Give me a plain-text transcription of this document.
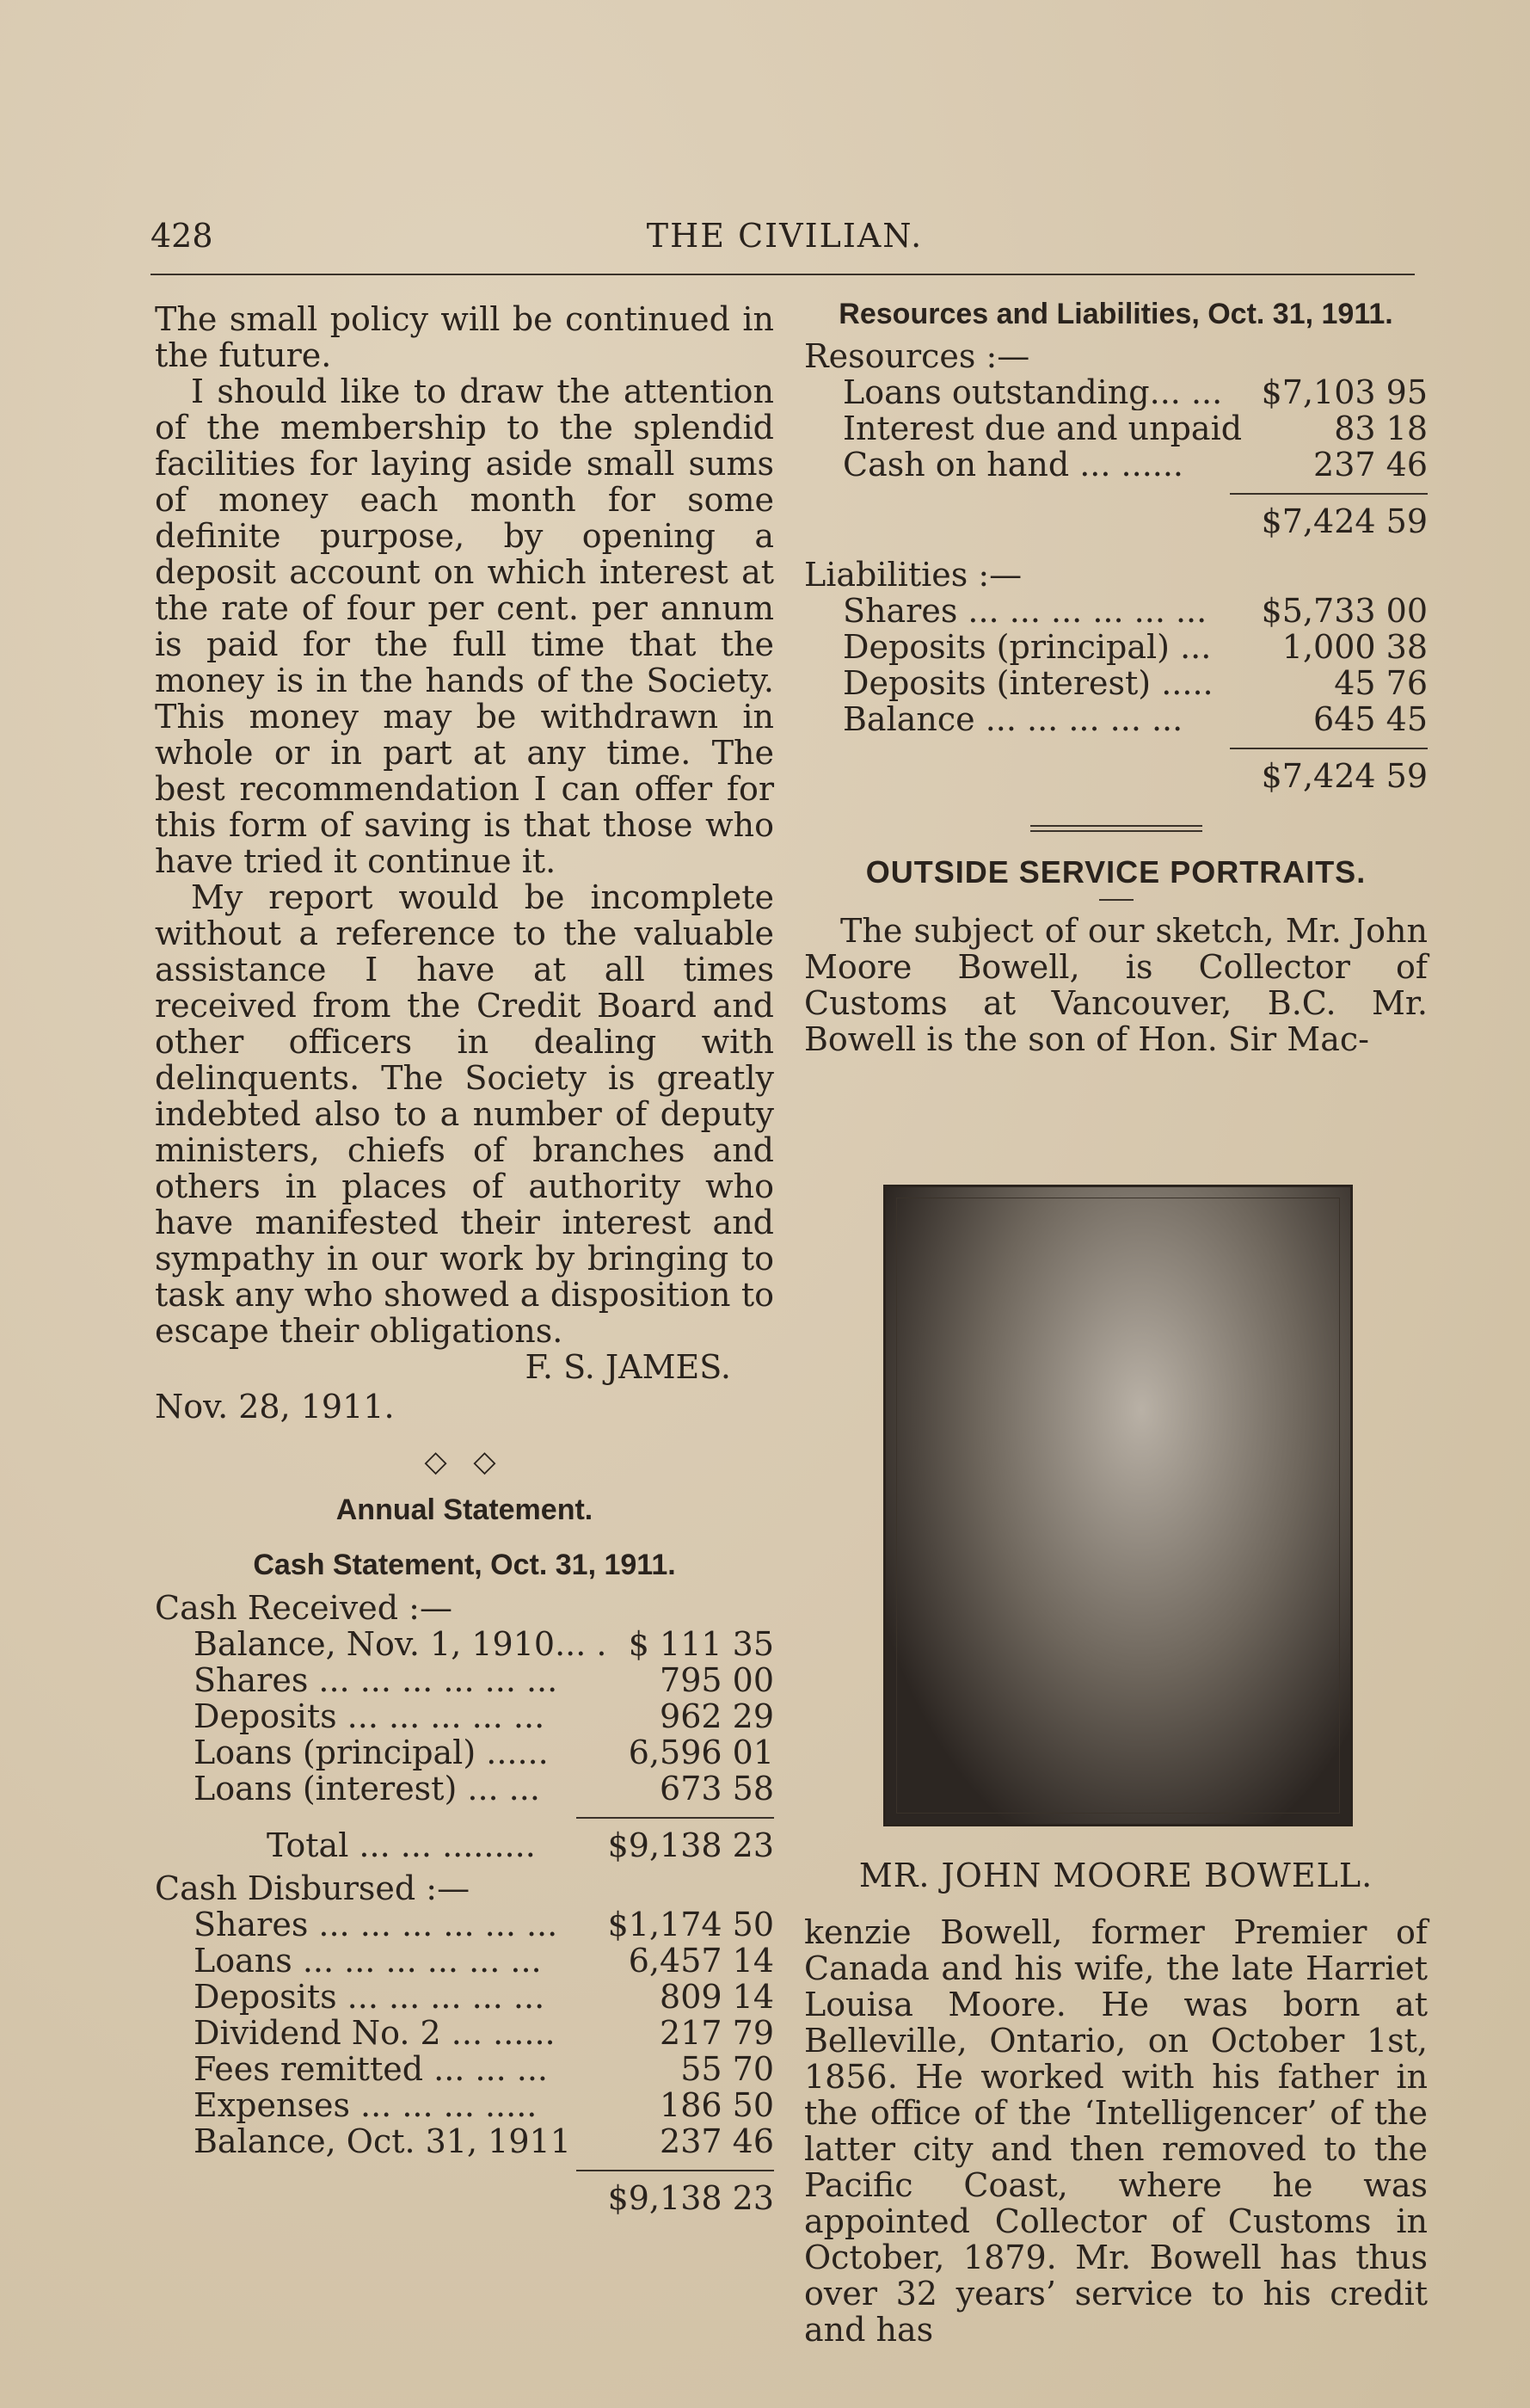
428	THE CIVILIAN.

The small policy will be continued in the future.

I should like to draw the attention of the membership to the splendid facilities for laying aside small sums of money each month for some definite purpose, by opening a deposit account on which interest at the rate of four per cent. per annum is paid for the full time that the money is in the hands of the Society. This money may be withdrawn in whole or in part at any time. The best recommendation I can offer for this form of saving is that those who have tried it continue it.

My report would be incomplete without a reference to the valuable assistance I have at all times received from the Credit Board and other officers in dealing with delinquents. The Society is greatly indebted also to a number of deputy ministers, chiefs of branches and others in places of authority who have manifested their interest and sympathy in our work by bringing to task any who showed a disposition to escape their obligations.

F. S. JAMES.

Nov. 28, 1911.

◇ ◇
Annual Statement.
Cash Statement, Oct. 31, 1911.
Cash Received :—
Balance, Nov. 1, 1910... . $ 111 35
Shares ... ... ... ... ... ...	795 00
Deposits ... ... ... ... ...	962 29
Loans (principal) ......	6,596 01
Loans (interest) ... ...	673 58
Total ... ... ......... $9,138 23
Cash Disbursed :—
Shares ... ... ... ... ... ...	$1,174 50
Loans ... ... ... ... ... ...	6,457 14
Deposits ... ... ... ... ...	809 14
Dividend No. 2 ... ......	217 79
Fees remitted ... ... ...	55 70
Expenses ... ... ... .....	186 50
Balance, Oct. 31, 1911	237 46
$9,138 23
Resources and Liabilities, Oct. 31, 1911.
Resources :—
Loans outstanding... ...	$7,103 95
Interest due and unpaid	83 18
Cash on hand ... ......	237 46
$7,424 59
Liabilities :—
Shares ... ... ... ... ... ...	$5,733 00
Deposits (principal) ...	1,000 38
Deposits (interest) .....	45 76
Balance ... ... ... ... ...	645 45
$7,424 59
OUTSIDE SERVICE PORTRAITS.

The subject of our sketch, Mr. John Moore Bowell, is Collector of Customs at Vancouver, B.C. Mr. Bowell is the son of Hon. Sir Mac-

MR. JOHN MOORE BOWELL.

kenzie Bowell, former Premier of Canada and his wife, the late Harriet Louisa Moore. He was born at Belleville, Ontario, on October 1st, 1856. He worked with his father in the office of the ‘Intelligencer’ of the latter city and then removed to the Pacific Coast, where he was appointed Collector of Customs in October, 1879. Mr. Bowell has thus over 32 years’ service to his credit and has
